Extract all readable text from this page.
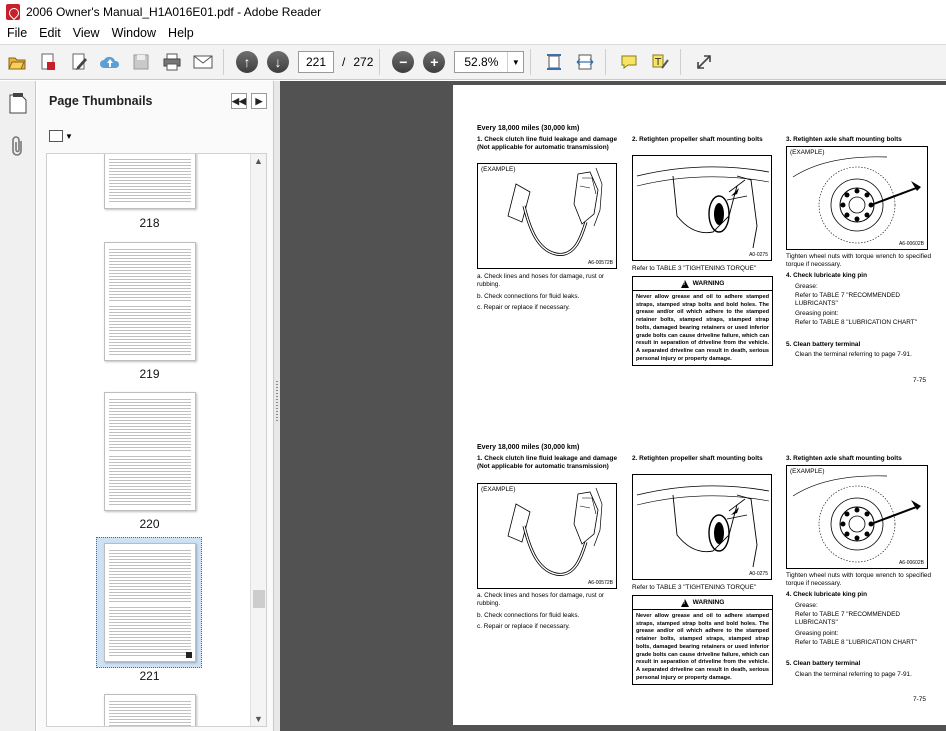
2006 Owner's Manual_H1A016E01.pdf - Adobe Reader
File Edit View Window Help
↑	↓	221	/ 272	−	+	52.8%	▼	T
Page Thumbnails	◀◀ ▶
▼
218
219
220
221
▲
▼
Every 18,000 miles (30,000 km)
1. Check clutch line fluid leakage and damage (Not applicable for automatic transmission)
(EXAMPLE)
A6-00572B
a. Check lines and hoses for damage, rust or rubbing.
b. Check connections for fluid leaks.
c. Repair or replace if necessary.
2. Retighten propeller shaft mounting bolts
A0-0275
Refer to TABLE 3 "TIGHTENING TORQUE"
!
WARNING
Never allow grease and oil to adhere stamped straps, stamped strap bolts and bold holes. The grease and/or oil which adhere to the stamped retainer bolts, stamped straps, stamped strap bolts, damaged bearing retainers or used inferior grade bolts can cause driveline failure, which can result in separation of driveline from the vehicle. A separated driveline can result in death, serious personal injury or property damage.
3. Retighten axle shaft mounting bolts
(EXAMPLE)
A6-00602B
Tighten wheel nuts with torque wrench to specified torque if necessary.
4. Check lubricate king pin
Grease:
Refer to TABLE 7 "RECOMMENDED LUBRICANTS"
Greasing point:
Refer to TABLE 8 "LUBRICATION CHART"
5. Clean battery terminal
Clean the terminal referring to page 7-91.
7-75
Every 18,000 miles (30,000 km)
1. Check clutch line fluid leakage and damage (Not applicable for automatic transmission)
(EXAMPLE)
A6-00572B
a. Check lines and hoses for damage, rust or rubbing.
b. Check connections for fluid leaks.
c. Repair or replace if necessary.
2. Retighten propeller shaft mounting bolts
A0-0275
Refer to TABLE 3 "TIGHTENING TORQUE"
!
WARNING
Never allow grease and oil to adhere stamped straps, stamped strap bolts and bold holes. The grease and/or oil which adhere to the stamped retainer bolts, stamped straps, stamped strap bolts, damaged bearing retainers or used inferior grade bolts can cause driveline failure, which can result in separation of driveline from the vehicle. A separated driveline can result in death, serious personal injury or property damage.
3. Retighten axle shaft mounting bolts
(EXAMPLE)
A6-00602B
Tighten wheel nuts with torque wrench to specified torque if necessary.
4. Check lubricate king pin
Grease:
Refer to TABLE 7 "RECOMMENDED LUBRICANTS"
Greasing point:
Refer to TABLE 8 "LUBRICATION CHART"
5. Clean battery terminal
Clean the terminal referring to page 7-91.
7-75
